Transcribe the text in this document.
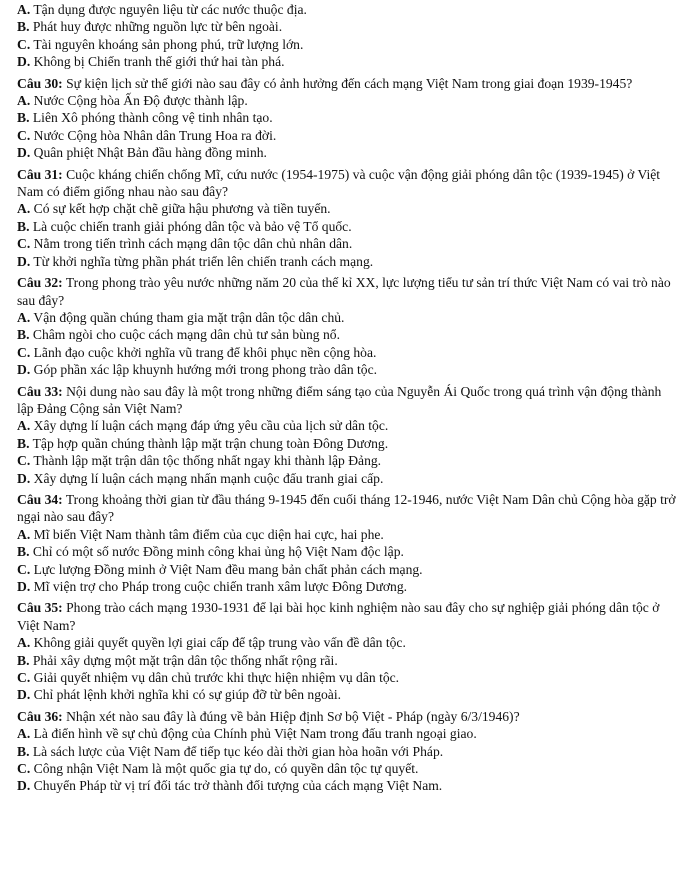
A. Tận dụng được nguyên liệu từ các nước thuộc địa.
B. Phát huy được những nguồn lực từ bên ngoài.
C. Tài nguyên khoáng sản phong phú, trữ lượng lớn.
D. Không bị Chiến tranh thế giới thứ hai tàn phá.
Câu 30: Sự kiện lịch sử thế giới nào sau đây có ảnh hưởng đến cách mạng Việt Nam trong giai đoạn 1939-1945?
A. Nước Cộng hòa Ấn Độ được thành lập.
B. Liên Xô phóng thành công vệ tinh nhân tạo.
C. Nước Cộng hòa Nhân dân Trung Hoa ra đời.
D. Quân phiệt Nhật Bản đầu hàng đồng minh.
Câu 31: Cuộc kháng chiến chống Mĩ, cứu nước (1954-1975) và cuộc vận động giải phóng dân tộc (1939-1945) ở Việt Nam có điểm giống nhau nào sau đây?
A. Có sự kết hợp chặt chẽ giữa hậu phương và tiền tuyến.
B. Là cuộc chiến tranh giải phóng dân tộc và bảo vệ Tổ quốc.
C. Nằm trong tiến trình cách mạng dân tộc dân chủ nhân dân.
D. Từ khởi nghĩa từng phần phát triển lên chiến tranh cách mạng.
Câu 32: Trong phong trào yêu nước những năm 20 của thế kỉ XX, lực lượng tiểu tư sản trí thức Việt Nam có vai trò nào sau đây?
A. Vận động quần chúng tham gia mặt trận dân tộc dân chủ.
B. Châm ngòi cho cuộc cách mạng dân chủ tư sản bùng nổ.
C. Lãnh đạo cuộc khởi nghĩa vũ trang để khôi phục nền cộng hòa.
D. Góp phần xác lập khuynh hướng mới trong phong trào dân tộc.
Câu 33: Nội dung nào sau đây là một trong những điểm sáng tạo của Nguyễn Ái Quốc trong quá trình vận động thành lập Đảng Cộng sản Việt Nam?
A. Xây dựng lí luận cách mạng đáp ứng yêu cầu của lịch sử dân tộc.
B. Tập hợp quần chúng thành lập mặt trận chung toàn Đông Dương.
C. Thành lập mặt trận dân tộc thống nhất ngay khi thành lập Đảng.
D. Xây dựng lí luận cách mạng nhấn mạnh cuộc đấu tranh giai cấp.
Câu 34: Trong khoảng thời gian từ đầu tháng 9-1945 đến cuối tháng 12-1946, nước Việt Nam Dân chủ Cộng hòa gặp trở ngại nào sau đây?
A. Mĩ biến Việt Nam thành tâm điểm của cục diện hai cực, hai phe.
B. Chỉ có một số nước Đồng minh công khai ủng hộ Việt Nam độc lập.
C. Lực lượng Đồng minh ở Việt Nam đều mang bản chất phản cách mạng.
D. Mĩ viện trợ cho Pháp trong cuộc chiến tranh xâm lược Đông Dương.
Câu 35: Phong trào cách mạng 1930-1931 để lại bài học kinh nghiệm nào sau đây cho sự nghiệp giải phóng dân tộc ở Việt Nam?
A. Không giải quyết quyền lợi giai cấp để tập trung vào vấn đề dân tộc.
B. Phải xây dựng một mặt trận dân tộc thống nhất rộng rãi.
C. Giải quyết nhiệm vụ dân chủ trước khi thực hiện nhiệm vụ dân tộc.
D. Chỉ phát lệnh khởi nghĩa khi có sự giúp đỡ từ bên ngoài.
Câu 36: Nhận xét nào sau đây là đúng về bản Hiệp định Sơ bộ Việt - Pháp (ngày 6/3/1946)?
A. Là điển hình về sự chủ động của Chính phủ Việt Nam trong đấu tranh ngoại giao.
B. Là sách lược của Việt Nam để tiếp tục kéo dài thời gian hòa hoãn với Pháp.
C. Công nhận Việt Nam là một quốc gia tự do, có quyền dân tộc tự quyết.
D. Chuyển Pháp từ vị trí đối tác trở thành đối tượng của cách mạng Việt Nam.
